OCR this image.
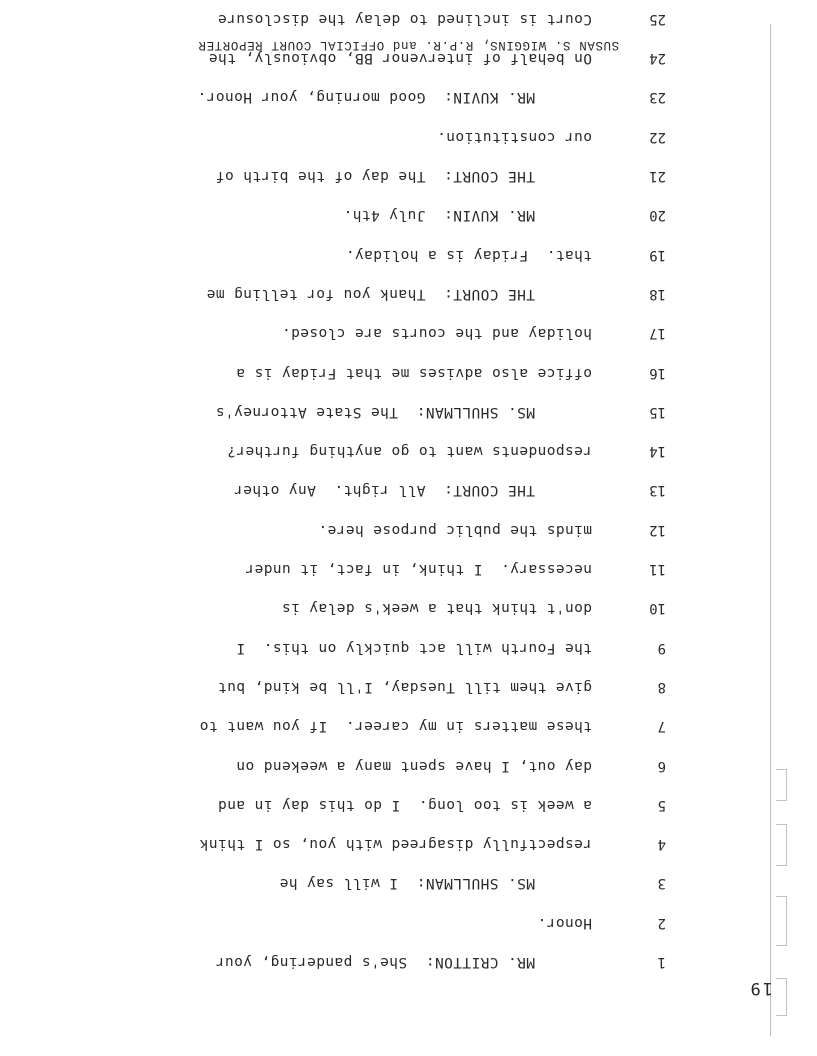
19
1
MR. CRITTON:  She's pandering, your
2
Honor.
3
MS. SHULLMAN:  I will say he
4
respectfully disagreed with you, so I think
5
a week is too long.  I do this day in and
6
day out, I have spent many a weekend on
7
these matters in my career.  If you want to
8
give them till Tuesday, I'll be kind, but
9
the Fourth will act quickly on this.  I
10
don't think that a week's delay is
11
necessary.  I think, in fact, it under
12
minds the public purpose here.
13
THE COURT:  All right.  Any other
14
respondents want to go anything further?
15
MS. SHULLMAN:  The State Attorney's
16
office also advises me that Friday is a
17
holiday and the courts are closed.
18
THE COURT:  Thank you for telling me
19
that.  Friday is a holiday.
20
MR. KUVIN:  July 4th.
21
THE COURT:  The day of the birth of
22
our constitution.
23
MR. KUVIN:  Good morning, your Honor.
24
On behalf of intervenor BB, obviously, the
25
Court is inclined to delay the disclosure
SUSAN S. WIGGINS, R.P.R. and OFFICIAL COURT REPORTER
